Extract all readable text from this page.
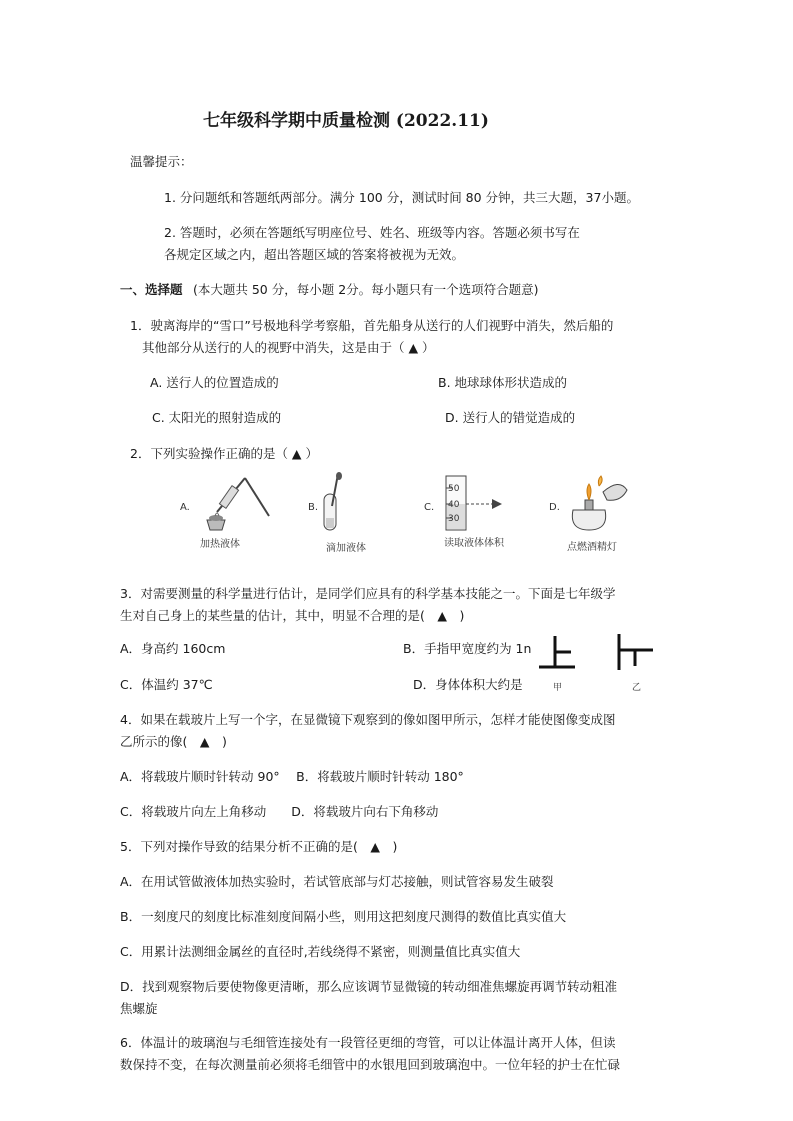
七年级科学期中质量检测 (2022.11)
温馨提示：
1. 分问题纸和答题纸两部分。满分 100 分，测试时间 80 分钟，共三大题，37小题。
2. 答题时，必须在答题纸写明座位号、姓名、班级等内容。答题必须书写在
各规定区域之内，超出答题区域的答案将被视为无效。
一、选择题 (本大题共 50 分，每小题 2分。每小题只有一个选项符合题意)
1．驶离海岸的“雪口”号极地科学考察船，首先船身从送行的人们视野中消失，然后船的
其他部分从送行的人的视野中消失，这是由于（ ▲ ）
A. 送行人的位置造成的	B. 地球球体形状造成的
C. 太阳光的照射造成的	D. 送行人的错觉造成的
2．下列实验操作正确的是（ ▲ ）
A.
加热液体
B.
滴加液体
C.
50
40
30
读取液体体积
D.
点燃酒精灯
3．对需要测量的科学量进行估计，是同学们应具有的科学基本技能之一。下面是七年级学
生对自己身上的某些量的估计，其中，明显不合理的是(　▲　)
A．身高约 160cm	B．手指甲宽度约为 1n
C．体温约 37℃	D．身体体积大约是	甲	乙
4．如果在载玻片上写一个字，在显微镜下观察到的像如图甲所示，怎样才能使图像变成图
乙所示的像(　▲　)
A．将载玻片顺时针转动 90°　 B．将载玻片顺时针转动 180°
C．将载玻片向左上角移动　　D．将载玻片向右下角移动
5．下列对操作导致的结果分析不正确的是(　▲　)
A．在用试管做液体加热实验时，若试管底部与灯芯接触，则试管容易发生破裂
B．一刻度尺的刻度比标准刻度间隔小些，则用这把刻度尺测得的数值比真实值大
C．用累计法测细金属丝的直径时,若线绕得不紧密，则测量值比真实值大
D．找到观察物后要使物像更清晰，那么应该调节显微镜的转动细准焦螺旋再调节转动粗准
焦螺旋
6．体温计的玻璃泡与毛细管连接处有一段管径更细的弯管，可以让体温计离开人体，但读
数保持不变，在每次测量前必须将毛细管中的水银甩回到玻璃泡中。一位年轻的护士在忙碌
